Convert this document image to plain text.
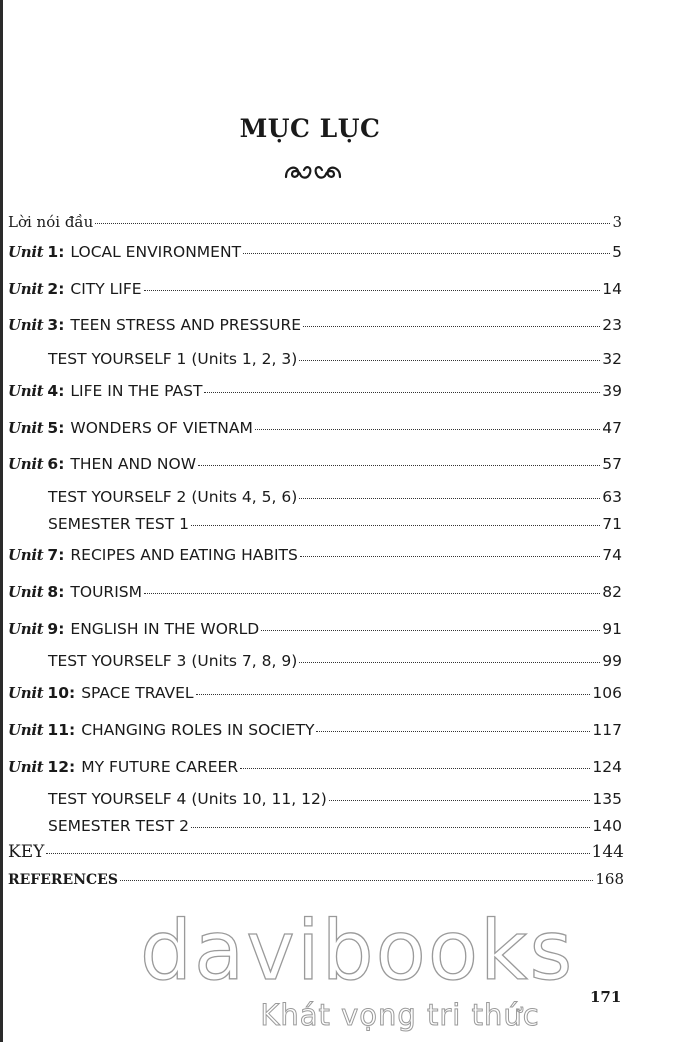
MỤC LỤC
Lời nói đầu	3
Unit 1: LOCAL ENVIRONMENT	5
Unit 2: CITY LIFE	14
Unit 3: TEEN STRESS AND PRESSURE	23
TEST YOURSELF 1 (Units 1, 2, 3)	32
Unit 4: LIFE IN THE PAST	39
Unit 5: WONDERS OF VIETNAM	47
Unit 6: THEN AND NOW	57
TEST YOURSELF 2 (Units 4, 5, 6)	63
SEMESTER TEST 1	71
Unit 7: RECIPES AND EATING HABITS	74
Unit 8: TOURISM	82
Unit 9: ENGLISH IN THE WORLD	91
TEST YOURSELF 3 (Units 7, 8, 9)	99
Unit 10: SPACE TRAVEL	106
Unit 11: CHANGING ROLES IN SOCIETY	117
Unit 12: MY FUTURE CAREER	124
TEST YOURSELF 4 (Units 10, 11, 12)	135
SEMESTER TEST 2	140
KEY	144
REFERENCES	168
davibooks
Khát vọng tri thức
171
